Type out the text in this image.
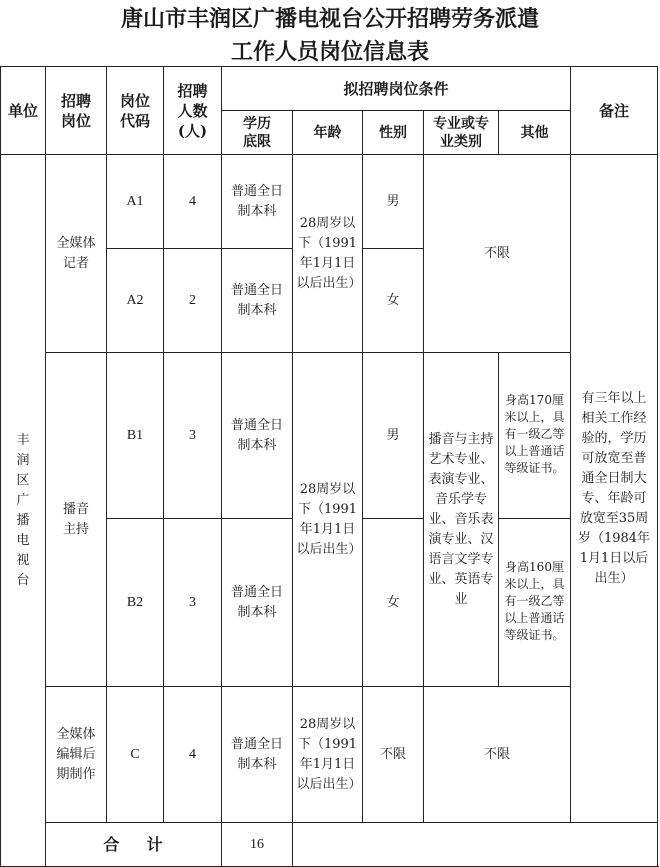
唐山市丰润区广播电视台公开招聘劳务派遣
工作人员岗位信息表
单位	招聘岗位	岗位代码	招聘人数(人)	拟招聘岗位条件					备注
				学历底限	年龄	性别	专业或专业类别	其他	
丰润区广播电视台	全媒体记者	A1	4	普通全日制本科	28周岁以下（1991年1月1日以后出生）	男	不限		有三年以上相关工作经验的，学历可放宽至普通全日制大专、年龄可放宽至35周岁（1984年1月1日以后出生）
		A2	2	普通全日制本科		女			
	播音主持	B1	3	普通全日制本科	28周岁以下（1991年1月1日以后出生）	男	播音与主持艺术专业、表演专业、音乐学专业、音乐表演专业、汉语言文学专业、英语专业	身高170厘米以上，具有一级乙等以上普通话等级证书。	
		B2	3	普通全日制本科		女		身高160厘米以上，具有一级乙等以上普通话等级证书。	
	全媒体编辑后期制作	C	4	普通全日制本科	28周岁以下（1991年1月1日以后出生）	不限	不限		
	合    计			16					
